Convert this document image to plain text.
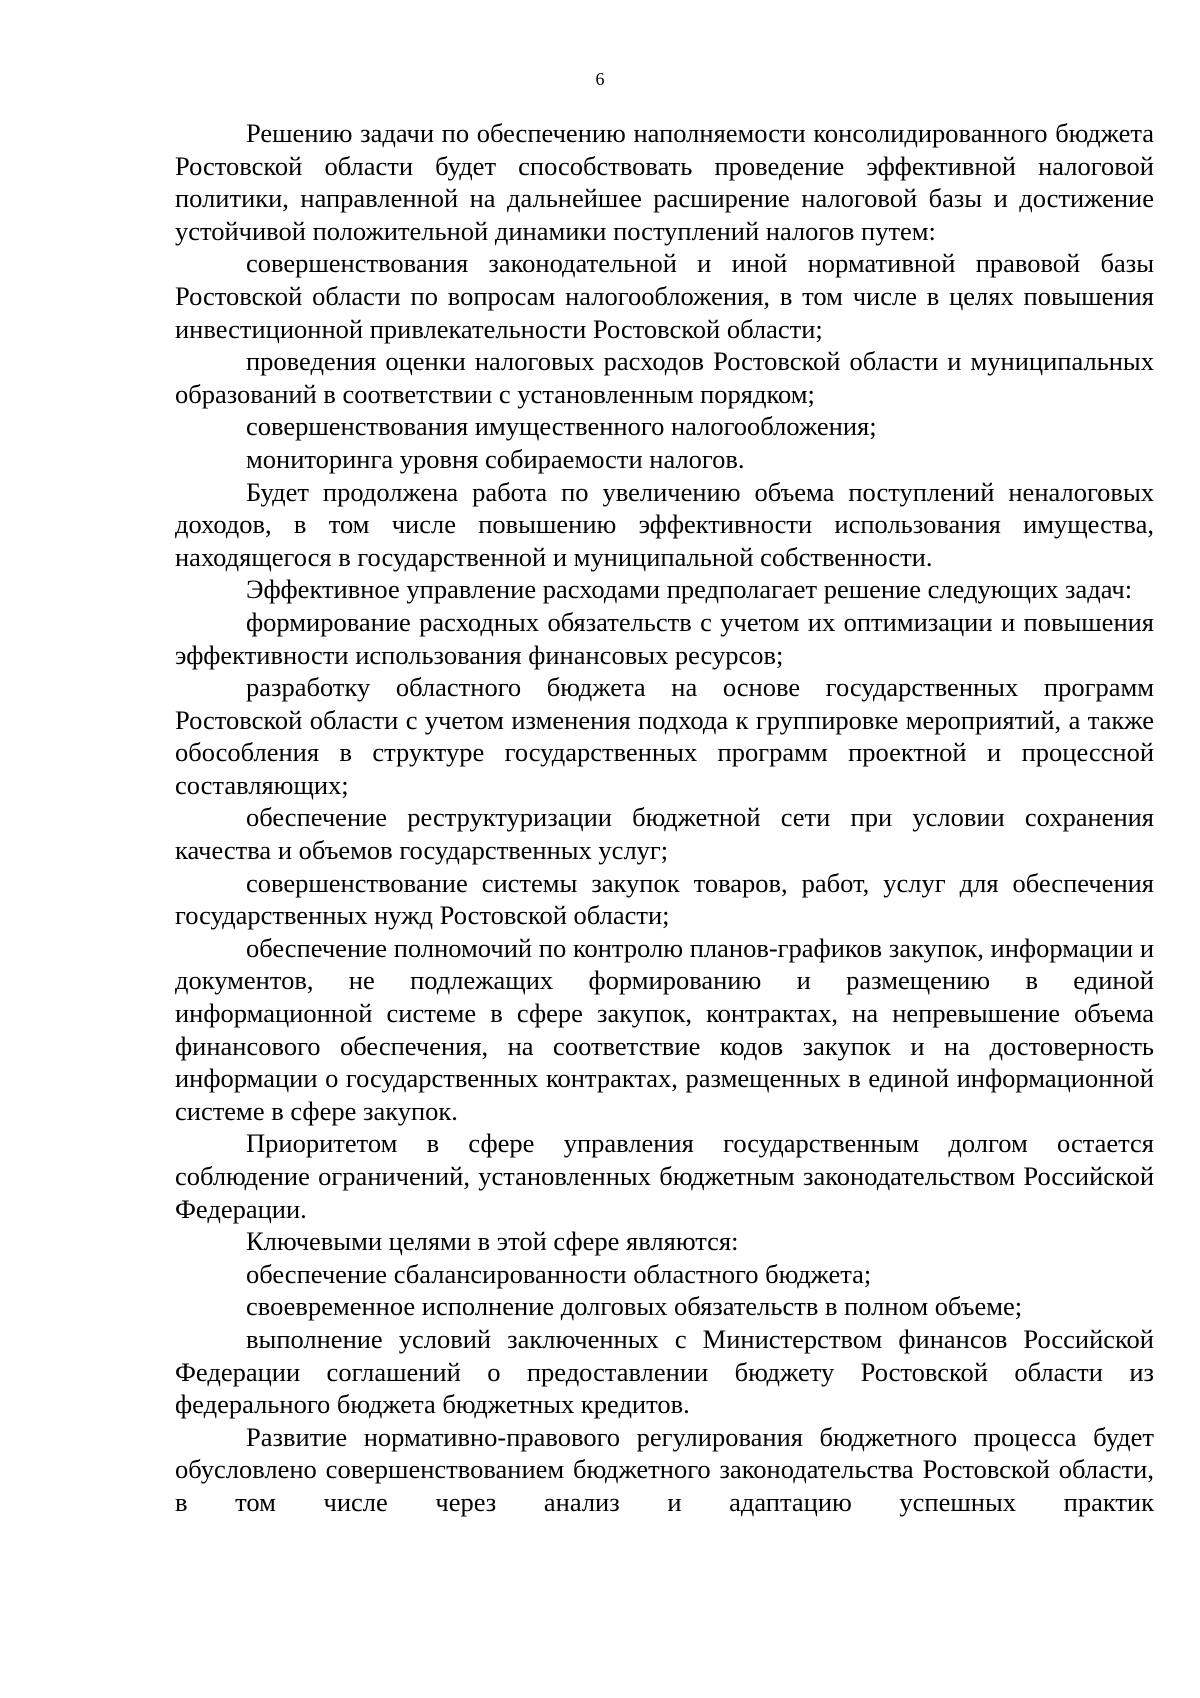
6

Решению задачи по обеспечению наполняемости консолидированного бюджета Ростовской области будет способствовать проведение эффективной налоговой политики, направленной на дальнейшее расширение налоговой базы и достижение устойчивой положительной динамики поступлений налогов путем:

совершенствования законодательной и иной нормативной правовой базы Ростовской области по вопросам налогообложения, в том числе в целях повышения инвестиционной привлекательности Ростовской области;

проведения оценки налоговых расходов Ростовской области и муниципальных образований в соответствии с установленным порядком;

совершенствования имущественного налогообложения;

мониторинга уровня собираемости налогов.

Будет продолжена работа по увеличению объема поступлений неналоговых доходов, в том числе повышению эффективности использования имущества, находящегося в государственной и муниципальной собственности.

Эффективное управление расходами предполагает решение следующих задач:

формирование расходных обязательств с учетом их оптимизации и повышения эффективности использования финансовых ресурсов;

разработку областного бюджета на основе государственных программ Ростовской области с учетом изменения подхода к группировке мероприятий, а также обособления в структуре государственных программ проектной и процессной составляющих;

обеспечение реструктуризации бюджетной сети при условии сохранения качества и объемов государственных услуг;

совершенствование системы закупок товаров, работ, услуг для обеспечения государственных нужд Ростовской области;

обеспечение полномочий по контролю планов-графиков закупок, информации и документов, не подлежащих формированию и размещению в единой информационной системе в сфере закупок, контрактах, на непревышение объема финансового обеспечения, на соответствие кодов закупок и на достоверность информации о государственных контрактах, размещенных в единой информационной системе в сфере закупок.

Приоритетом в сфере управления государственным долгом остается соблюдение ограничений, установленных бюджетным законодательством Российской Федерации.

Ключевыми целями в этой сфере являются:

обеспечение сбалансированности областного бюджета;

своевременное исполнение долговых обязательств в полном объеме;

выполнение условий заключенных с Министерством финансов Российской Федерации соглашений о предоставлении бюджету Ростовской области из федерального бюджета бюджетных кредитов.

Развитие нормативно-правового регулирования бюджетного процесса будет обусловлено совершенствованием бюджетного законодательства Ростовской области, в том числе через анализ и адаптацию успешных практик
